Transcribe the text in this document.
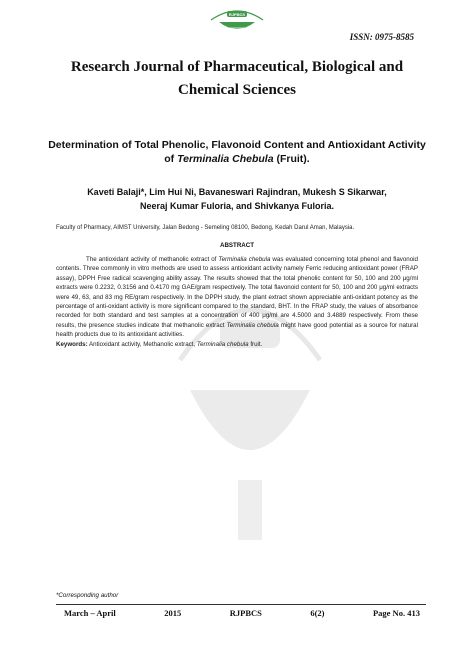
RJPBCS
ISSN: 0975-8585
Research Journal of Pharmaceutical, Biological and Chemical Sciences
Determination of Total Phenolic, Flavonoid Content and Antioxidant Activity
of Terminalia Chebula (Fruit).
Kaveti Balaji*, Lim Hui Ni, Bavaneswari Rajindran, Mukesh S Sikarwar,
Neeraj Kumar Fuloria, and Shivkanya Fuloria.
Faculty of Pharmacy, AIMST University, Jalan Bedong - Semeling 08100, Bedong, Kedah Darul Aman, Malaysia.
ABSTRACT

The antioxidant activity of methanolic extract of Terminalia chebula was evaluated concerning total phenol and flavonoid contents. Three commonly in vitro methods are used to assess antioxidant activity namely Ferric reducing antioxidant power (FRAP assay), DPPH Free radical scavenging ability assay. The results showed that the total phenolic content for 50, 100 and 200 μg/ml extracts were 0.2232, 0.3156 and 0.4170 mg GAE/gram respectively. The total flavonoid content for 50, 100 and 200 μg/ml extracts were 49, 63, and 83 mg RE/gram respectively. In the DPPH study, the plant extract shown appreciable anti-oxidant potency as the percentage of anti-oxidant activity is more significant compared to the standard, BHT. In the FRAP study, the values of absorbance recorded for both standard and test samples at a concentration of 400 μg/ml are 4.5000 and 3.4889 respectively. From these results, the presence studies indicate that methanolic extract Terminalia chebula might have good potential as a source for natural health products due to its antioxidant activities.

Keywords: Antioxidant activity, Methanolic extract, Terminalia chebula fruit.
*Corresponding author
March – April	2015	RJPBCS	6(2)	Page No. 413
